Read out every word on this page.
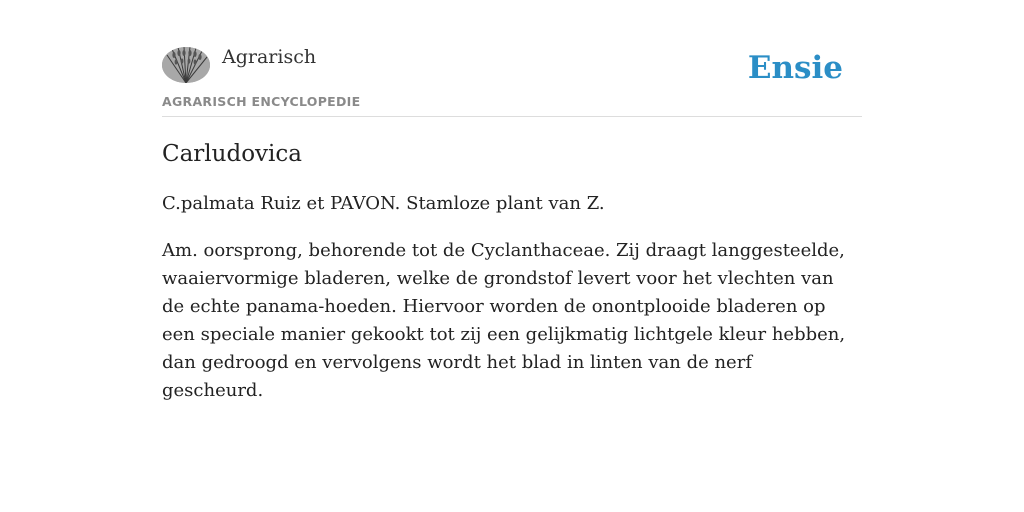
Agrarisch
AGRARISCH ENCYCLOPEDIE
Ensie
Carludovica

C.palmata Ruiz et PAVON. Stamloze plant van Z.

Am. oorsprong, behorende tot de Cyclanthaceae. Zij draagt langgesteelde, waaiervormige bladeren, welke de grondstof levert voor het vlechten van de echte panama-hoeden. Hiervoor worden de onontplooide bladeren op een speciale manier gekookt tot zij een gelijkmatig lichtgele kleur hebben, dan gedroogd en vervolgens wordt het blad in linten van de nerf gescheurd.
